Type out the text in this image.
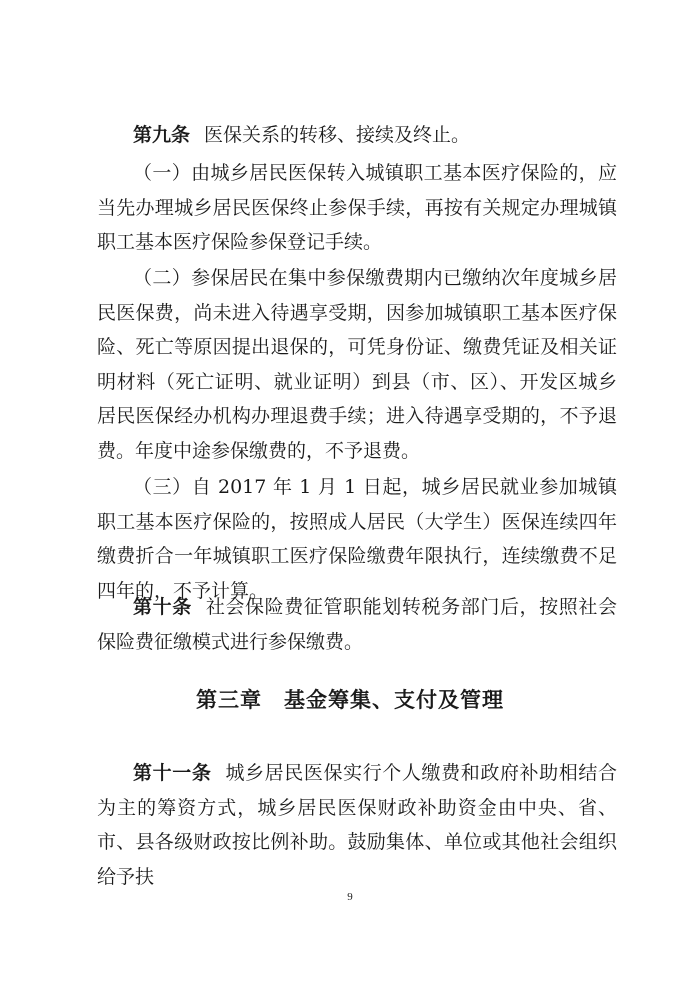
第九条 医保关系的转移、接续及终止。

（一）由城乡居民医保转入城镇职工基本医疗保险的，应当先办理城乡居民医保终止参保手续，再按有关规定办理城镇职工基本医疗保险参保登记手续。

（二）参保居民在集中参保缴费期内已缴纳次年度城乡居民医保费，尚未进入待遇享受期，因参加城镇职工基本医疗保险、死亡等原因提出退保的，可凭身份证、缴费凭证及相关证明材料（死亡证明、就业证明）到县（市、区）、开发区城乡居民医保经办机构办理退费手续；进入待遇享受期的，不予退费。年度中途参保缴费的，不予退费。

（三）自 2017 年 1 月 1 日起，城乡居民就业参加城镇职工基本医疗保险的，按照成人居民（大学生）医保连续四年缴费折合一年城镇职工医疗保险缴费年限执行，连续缴费不足四年的，不予计算。

第十条 社会保险费征管职能划转税务部门后，按照社会保险费征缴模式进行参保缴费。

第三章 基金筹集、支付及管理

第十一条 城乡居民医保实行个人缴费和政府补助相结合为主的筹资方式，城乡居民医保财政补助资金由中央、省、市、县各级财政按比例补助。鼓励集体、单位或其他社会组织给予扶

9
